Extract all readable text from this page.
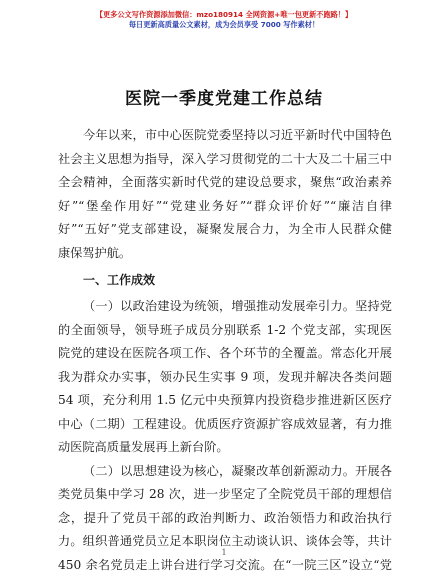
【更多公文写作资源添加微信：mzo180914 全网资源+唯一包更新不跑路！】
每日更新高质量公文素材，成为会员享受 7000 写作素材！
医院一季度党建工作总结
今年以来，市中心医院党委坚持以习近平新时代中国特色
社会主义思想为指导，深入学习贯彻党的二十大及二十届三中
全会精神，全面落实新时代党的建设总要求，聚焦“政治素养
好”“堡垒作用好”“党建业务好”“群众评价好”“廉洁自律
好”“五好”党支部建设，凝聚发展合力，为全市人民群众健
康保驾护航。
一、工作成效
（一）以政治建设为统领，增强推动发展牵引力。坚持党
的全面领导，领导班子成员分别联系 1-2 个党支部，实现医
院党的建设在医院各项工作、各个环节的全覆盖。常态化开展
我为群众办实事，领办民生实事 9 项，发现并解决各类问题
54 项，充分利用 1.5 亿元中央预算内投资稳步推进新区医疗
中心（二期）工程建设。优质医疗资源扩容成效显著，有力推
动医院高质量发展再上新台阶。
（二）以思想建设为核心，凝聚改革创新源动力。开展各
类党员集中学习 28 次，进一步坚定了全院党员干部的理想信
念，提升了党员干部的政治判断力、政治领悟力和政治执行
力。组织普通党员立足本职岗位主动谈认识、谈体会等，共计
450 余名党员走上讲台进行学习交流。在“一院三区”设立“党
1
